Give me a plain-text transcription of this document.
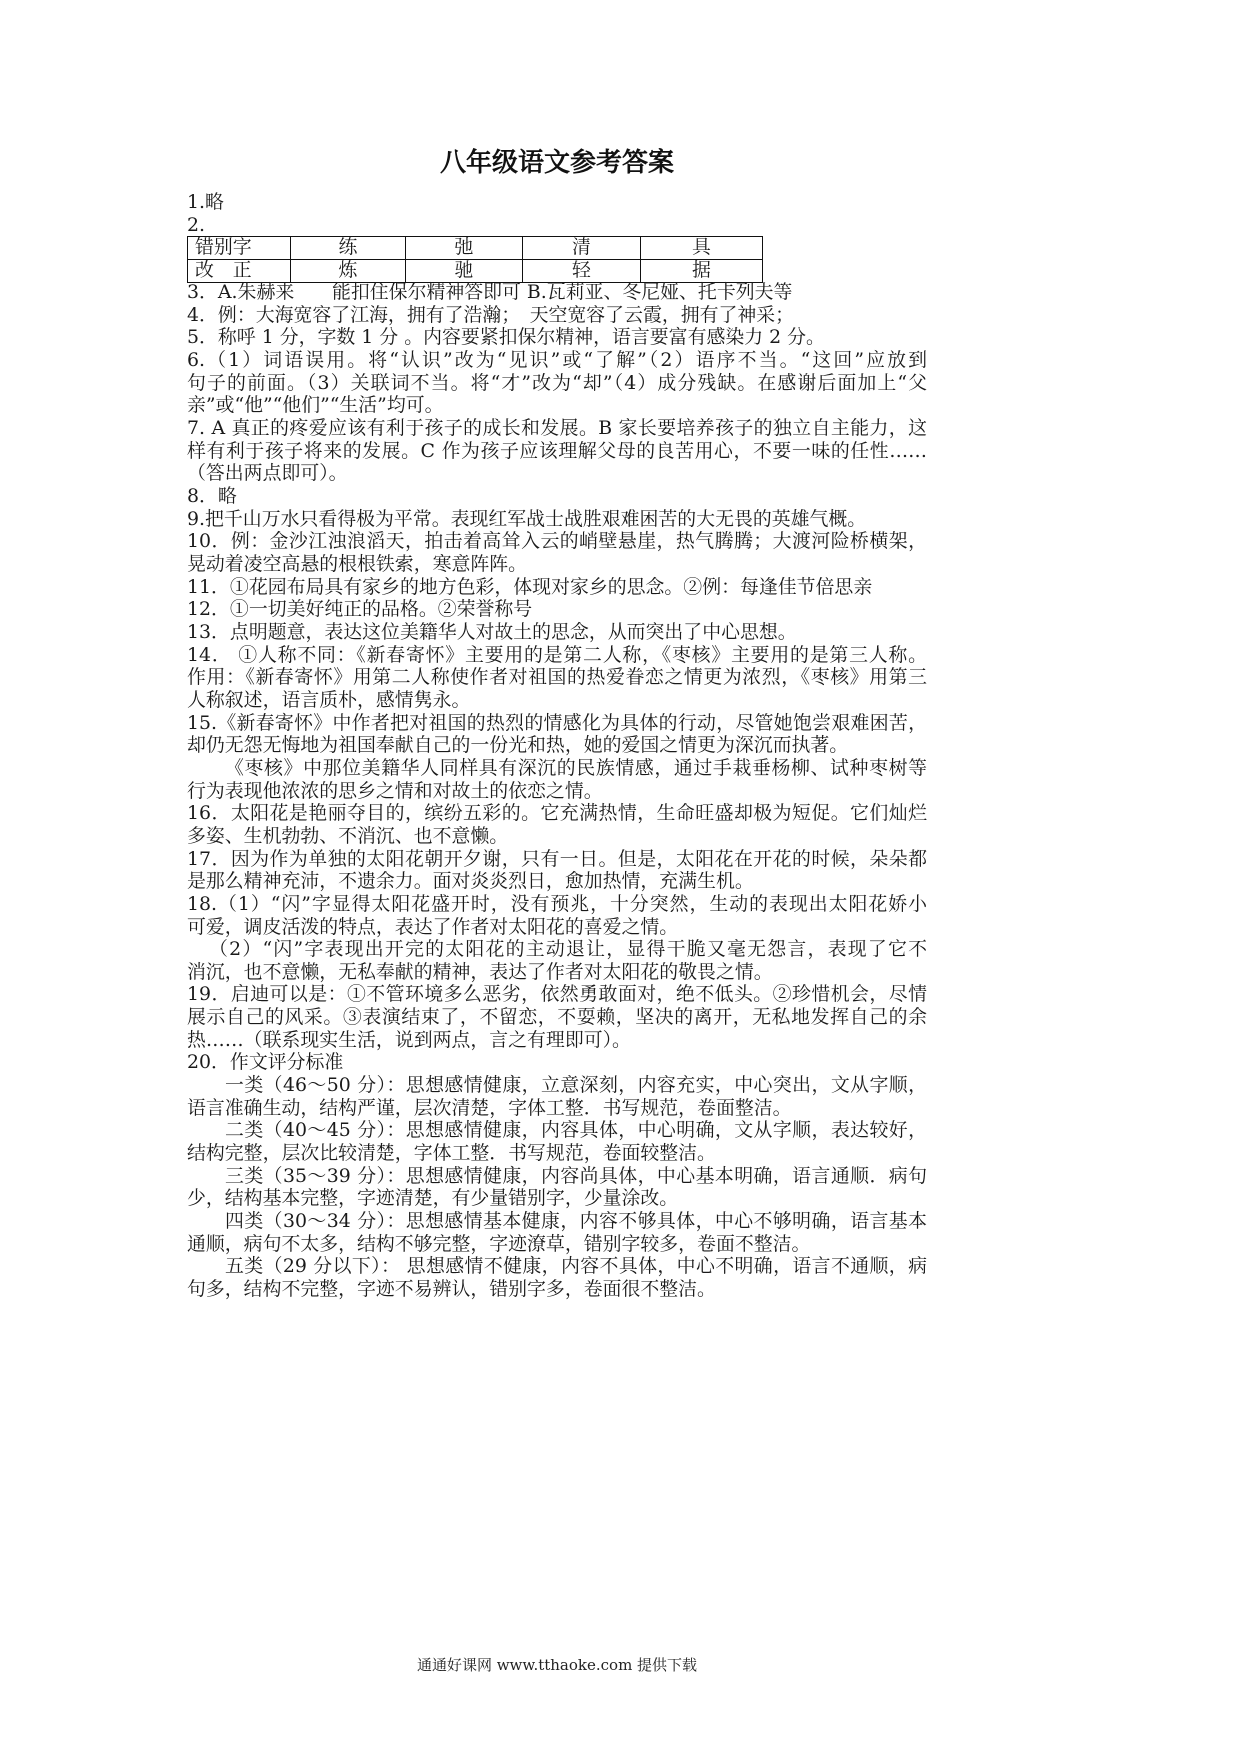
八年级语文参考答案
1.略
2.
错别字	练	弛	清	具
改　正	炼	驰	轻	据
3．A.朱赫来　　能扣住保尔精神答即可 B.瓦莉亚、冬尼娅、托卡列夫等
4．例：大海宽容了江海，拥有了浩瀚；　天空宽容了云霞，拥有了神采；
5．称呼 1 分，字数 1 分 。内容要紧扣保尔精神，语言要富有感染力 2 分。
6.（1）词语误用。将“认识”改为“见识”或“了解”（2）语序不当。“这回”应放到
句子的前面。（3）关联词不当。将“才”改为“却”（4）成分残缺。在感谢后面加上“父
亲”或“他”“他们”“生活”均可。
7. A 真正的疼爱应该有利于孩子的成长和发展。B 家长要培养孩子的独立自主能力，这
样有利于孩子将来的发展。C 作为孩子应该理解父母的良苦用心，不要一味的任性……
（答出两点即可）。
8．略
9.把千山万水只看得极为平常。表现红军战士战胜艰难困苦的大无畏的英雄气概。
10．例：金沙江浊浪滔天，拍击着高耸入云的峭壁悬崖，热气腾腾；大渡河险桥横架，
晃动着凌空高悬的根根铁索，寒意阵阵。
11．①花园布局具有家乡的地方色彩，体现对家乡的思念。②例：每逢佳节倍思亲
12．①一切美好纯正的品格。②荣誉称号
13．点明题意，表达这位美籍华人对故土的思念，从而突出了中心思想。
14． ①人称不同：《新春寄怀》主要用的是第二人称，《枣核》主要用的是第三人称。
作用：《新春寄怀》用第二人称使作者对祖国的热爱眷恋之情更为浓烈，《枣核》用第三
人称叙述，语言质朴，感情隽永。
15.《新春寄怀》中作者把对祖国的热烈的情感化为具体的行动，尽管她饱尝艰难困苦，
却仍无怨无悔地为祖国奉献自己的一份光和热，她的爱国之情更为深沉而执著。
《枣核》中那位美籍华人同样具有深沉的民族情感，通过手栽垂杨柳、试种枣树等
行为表现他浓浓的思乡之情和对故土的依恋之情。
16．太阳花是艳丽夺目的，缤纷五彩的。它充满热情，生命旺盛却极为短促。它们灿烂
多姿、生机勃勃、不消沉、也不意懒。
17．因为作为单独的太阳花朝开夕谢，只有一日。但是，太阳花在开花的时候，朵朵都
是那么精神充沛，不遗余力。面对炎炎烈日，愈加热情，充满生机。
18.（1）“闪”字显得太阳花盛开时，没有预兆，十分突然，生动的表现出太阳花娇小
可爱，调皮活泼的特点，表达了作者对太阳花的喜爱之情。
（2）“闪”字表现出开完的太阳花的主动退让，显得干脆又毫无怨言，表现了它不
消沉，也不意懒，无私奉献的精神，表达了作者对太阳花的敬畏之情。
19．启迪可以是：①不管环境多么恶劣，依然勇敢面对，绝不低头。②珍惜机会，尽情
展示自己的风采。③表演结束了，不留恋，不耍赖，坚决的离开，无私地发挥自己的余
热……（联系现实生活，说到两点，言之有理即可）。
20．作文评分标准
一类（46～50 分）：思想感情健康，立意深刻，内容充实，中心突出，文从字顺，
语言准确生动，结构严谨，层次清楚，字体工整．书写规范，卷面整洁。
二类（40～45 分）：思想感情健康，内容具体，中心明确，文从字顺，表达较好，
结构完整，层次比较清楚，字体工整．书写规范，卷面较整洁。
三类（35～39 分）：思想感情健康，内容尚具体，中心基本明确，语言通顺．病句
少，结构基本完整，字迹清楚，有少量错别字，少量涂改。
四类（30～34 分）：思想感情基本健康，内容不够具体，中心不够明确，语言基本
通顺，病句不太多，结构不够完整，字迹潦草，错别字较多，卷面不整洁。
五类（29 分以下）： 思想感情不健康，内容不具体，中心不明确，语言不通顺，病
句多，结构不完整，字迹不易辨认，错别字多，卷面很不整洁。
通通好课网 www.tthaoke.com 提供下载
